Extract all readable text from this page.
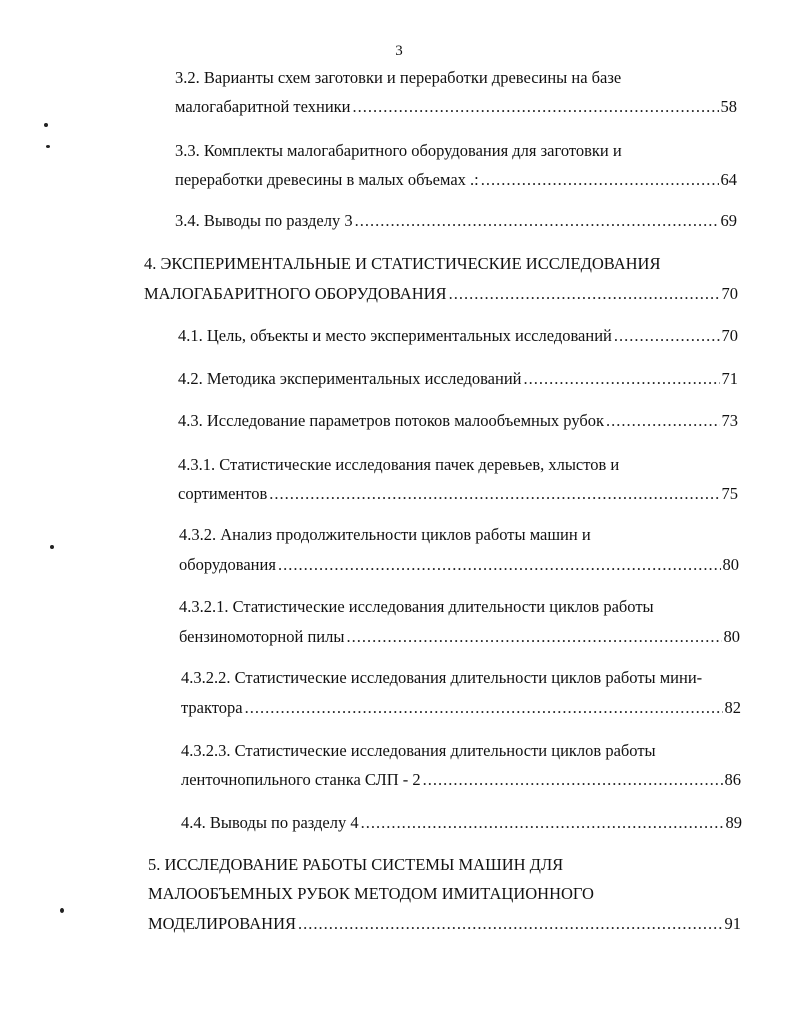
3
3.2. Варианты схем заготовки и переработки древесины на базе
малогабаритной техники .....	58
3.3. Комплекты малогабаритного оборудования для заготовки и
переработки древесины в малых объемах .: .....	64
3.4. Выводы по разделу 3 .....	69
4. ЭКСПЕРИМЕНТАЛЬНЫЕ И СТАТИСТИЧЕСКИЕ ИССЛЕДОВАНИЯ
МАЛОГАБАРИТНОГО ОБОРУДОВАНИЯ .....	70
4.1. Цель, объекты и место экспериментальных исследований .....	70
4.2. Методика экспериментальных исследований .....	71
4.3. Исследование параметров потоков малообъемных рубок .....	73
4.3.1. Статистические исследования пачек деревьев, хлыстов и
сортиментов .....	75
4.3.2. Анализ продолжительности циклов работы машин и
оборудования .....	80
4.3.2.1. Статистические исследования длительности циклов работы
бензиномоторной пилы .....	80
4.3.2.2. Статистические исследования длительности циклов работы мини-
трактора .....	82
4.3.2.3. Статистические исследования длительности циклов работы
ленточнопильного станка СЛП - 2 .....	86
4.4. Выводы по разделу 4 .....	89
5. ИССЛЕДОВАНИЕ РАБОТЫ СИСТЕМЫ МАШИН ДЛЯ
МАЛООБЪЕМНЫХ РУБОК МЕТОДОМ ИМИТАЦИОННОГО
МОДЕЛИРОВАНИЯ .....	91
